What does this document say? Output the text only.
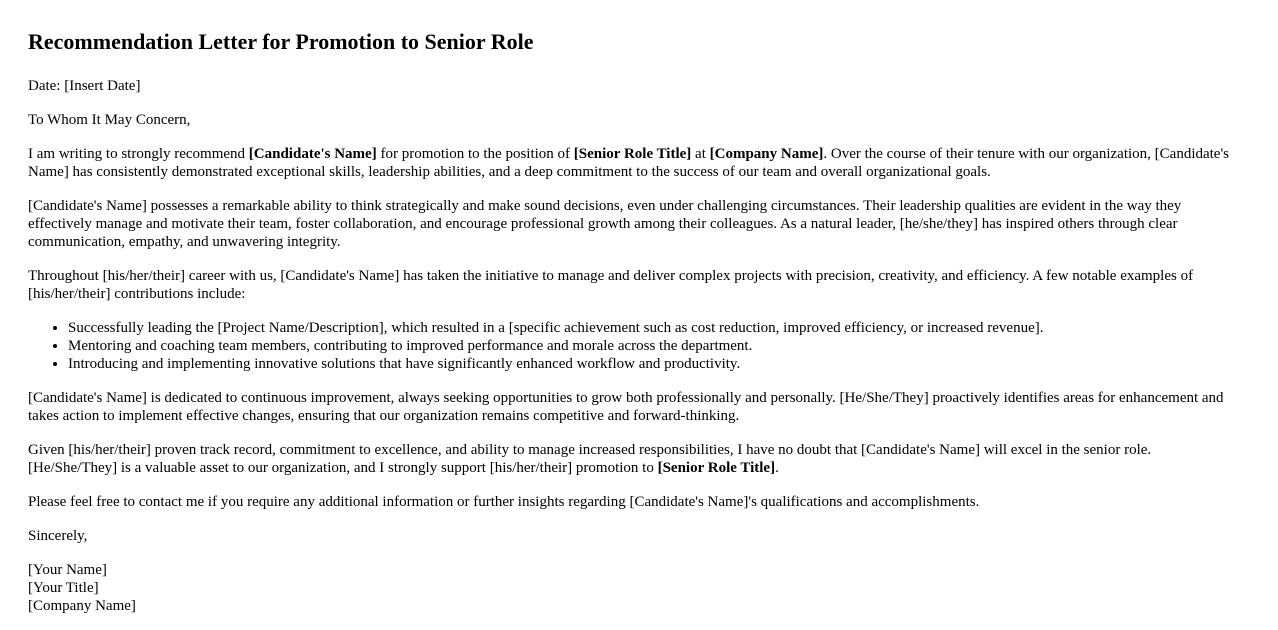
Recommendation Letter for Promotion to Senior Role

Date: [Insert Date]

To Whom It May Concern,

I am writing to strongly recommend [Candidate's Name] for promotion to the position of [Senior Role Title] at [Company Name]. Over the course of their tenure with our organization, [Candidate's Name] has consistently demonstrated exceptional skills, leadership abilities, and a deep commitment to the success of our team and overall organizational goals.

[Candidate's Name] possesses a remarkable ability to think strategically and make sound decisions, even under challenging circumstances. Their leadership qualities are evident in the way they effectively manage and motivate their team, foster collaboration, and encourage professional growth among their colleagues. As a natural leader, [he/she/they] has inspired others through clear communication, empathy, and unwavering integrity.

Throughout [his/her/their] career with us, [Candidate's Name] has taken the initiative to manage and deliver complex projects with precision, creativity, and efficiency. A few notable examples of [his/her/their] contributions include:

• Successfully leading the [Project Name/Description], which resulted in a [specific achievement such as cost reduction, improved efficiency, or increased revenue].
• Mentoring and coaching team members, contributing to improved performance and morale across the department.
• Introducing and implementing innovative solutions that have significantly enhanced workflow and productivity.

[Candidate's Name] is dedicated to continuous improvement, always seeking opportunities to grow both professionally and personally. [He/She/They] proactively identifies areas for enhancement and takes action to implement effective changes, ensuring that our organization remains competitive and forward-thinking.

Given [his/her/their] proven track record, commitment to excellence, and ability to manage increased responsibilities, I have no doubt that [Candidate's Name] will excel in the senior role. [He/She/They] is a valuable asset to our organization, and I strongly support [his/her/their] promotion to [Senior Role Title].

Please feel free to contact me if you require any additional information or further insights regarding [Candidate's Name]'s qualifications and accomplishments.

Sincerely,

[Your Name]
[Your Title]
[Company Name]
